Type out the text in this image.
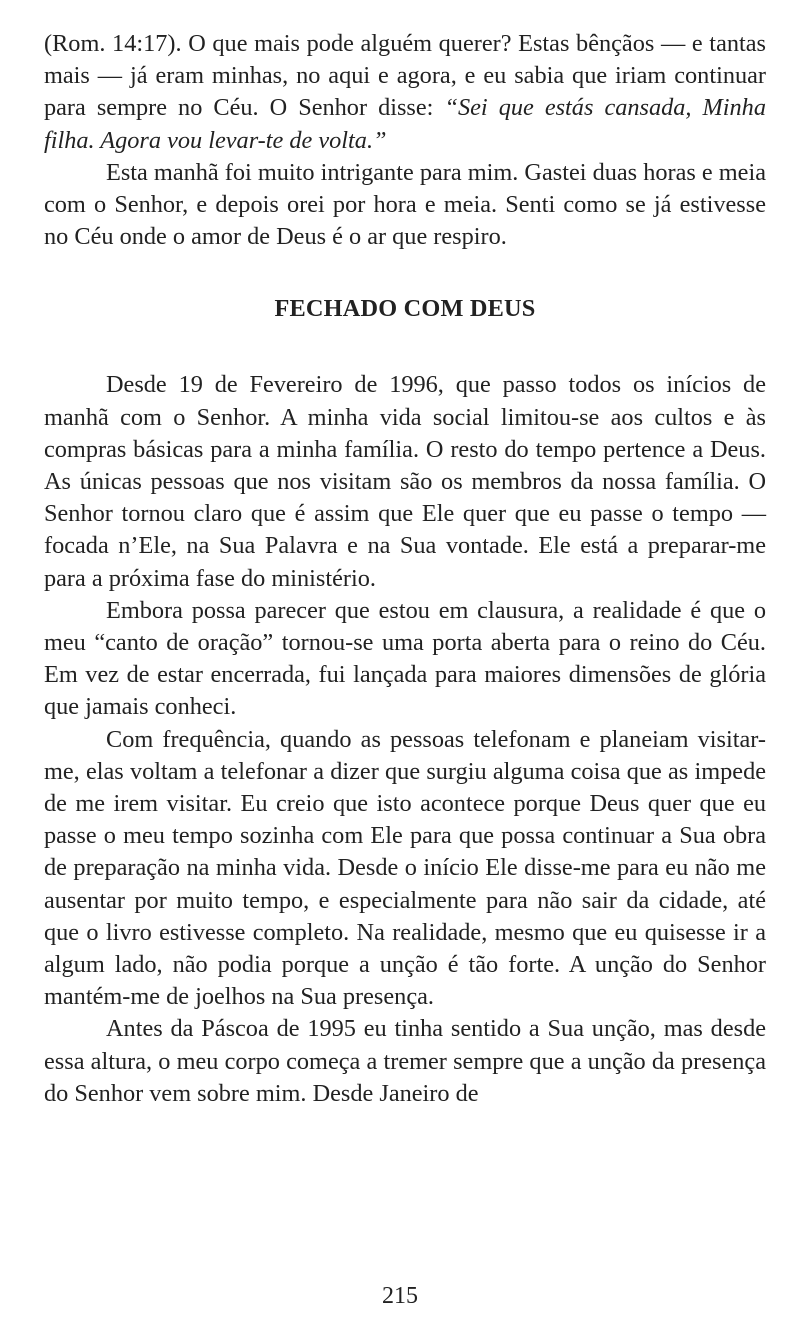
(Rom. 14:17). O que mais pode alguém querer? Estas bênçãos — e tantas mais — já eram minhas, no aqui e agora, e eu sabia que iriam continuar para sempre no Céu. O Senhor disse: “Sei que estás cansada, Minha filha. Agora vou levar-te de volta.”

Esta manhã foi muito intrigante para mim. Gastei duas horas e meia com o Senhor, e depois orei por hora e meia. Senti como se já estivesse no Céu onde o amor de Deus é o ar que respiro.

FECHADO COM DEUS

Desde 19 de Fevereiro de 1996, que passo todos os inícios de manhã com o Senhor. A minha vida social limitou-se aos cultos e às compras básicas para a minha família. O resto do tempo pertence a Deus. As únicas pessoas que nos visitam são os membros da nossa família. O Senhor tornou claro que é assim que Ele quer que eu passe o tempo — focada n’Ele, na Sua Palavra e na Sua vontade. Ele está a preparar-me para a próxima fase do ministério.

Embora possa parecer que estou em clausura, a realidade é que o meu “canto de oração” tornou-se uma porta aberta para o reino do Céu. Em vez de estar encerrada, fui lançada para maiores dimensões de glória que jamais conheci.

Com frequência, quando as pessoas telefonam e planeiam visitar-me, elas voltam a telefonar a dizer que surgiu alguma coisa que as impede de me irem visitar. Eu creio que isto acontece porque Deus quer que eu passe o meu tempo sozinha com Ele para que possa continuar a Sua obra de preparação na minha vida. Desde o início Ele disse-me para eu não me ausentar por muito tempo, e especialmente para não sair da cidade, até que o livro estivesse completo. Na realidade, mesmo que eu quisesse ir a algum lado, não podia porque a unção é tão forte. A unção do Senhor mantém-me de joelhos na Sua presença.

Antes da Páscoa de 1995 eu tinha sentido a Sua unção, mas desde essa altura, o meu corpo começa a tremer sempre que a unção da presença do Senhor vem sobre mim. Desde Janeiro de

215
